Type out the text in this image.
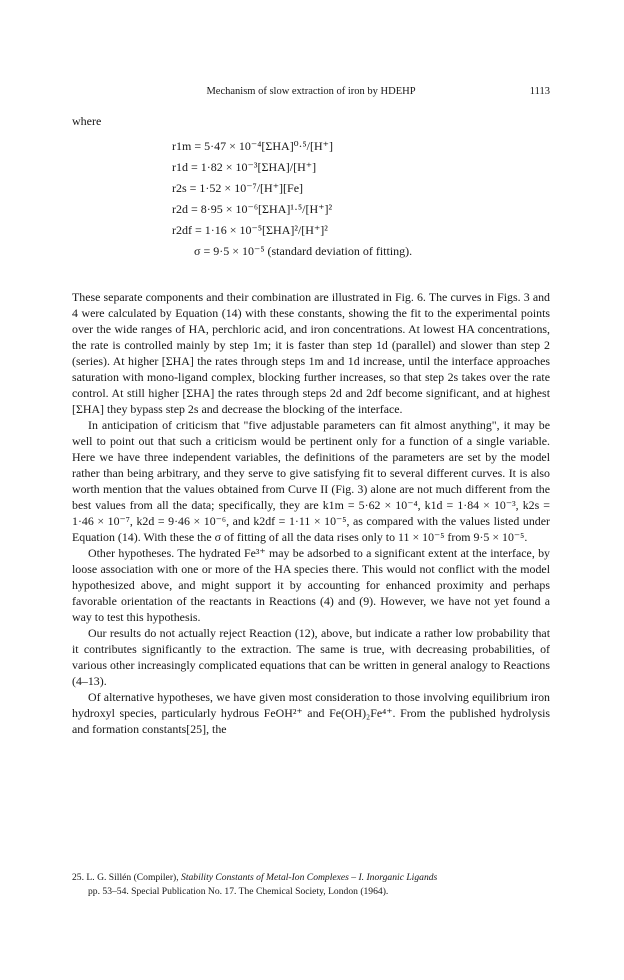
Mechanism of slow extraction of iron by HDEHP	1113
where
r1m = 5·47 × 10⁻⁴[ΣHA]⁰·⁵/[H⁺]
r1d = 1·82 × 10⁻³[ΣHA]/[H⁺]
r2s = 1·52 × 10⁻⁷/[H⁺][Fe]
r2d = 8·95 × 10⁻⁶[ΣHA]¹·⁵/[H⁺]²
r2df = 1·16 × 10⁻⁵[ΣHA]²/[H⁺]²
σ = 9·5 × 10⁻⁵ (standard deviation of fitting).

These separate components and their combination are illustrated in Fig. 6. The curves in Figs. 3 and 4 were calculated by Equation (14) with these constants, showing the fit to the experimental points over the wide ranges of HA, perchloric acid, and iron concentrations. At lowest HA concentrations, the rate is controlled mainly by step 1m; it is faster than step 1d (parallel) and slower than step 2 (series). At higher [ΣHA] the rates through steps 1m and 1d increase, until the interface approaches saturation with mono-ligand complex, blocking further increases, so that step 2s takes over the rate control. At still higher [ΣHA] the rates through steps 2d and 2df become significant, and at highest [ΣHA] they bypass step 2s and decrease the blocking of the interface.

In anticipation of criticism that "five adjustable parameters can fit almost anything", it may be well to point out that such a criticism would be pertinent only for a function of a single variable. Here we have three independent variables, the definitions of the parameters are set by the model rather than being arbitrary, and they serve to give satisfying fit to several different curves. It is also worth mention that the values obtained from Curve II (Fig. 3) alone are not much different from the best values from all the data; specifically, they are k1m = 5·62 × 10⁻⁴, k1d = 1·84 × 10⁻³, k2s = 1·46 × 10⁻⁷, k2d = 9·46 × 10⁻⁶, and k2df = 1·11 × 10⁻⁵, as compared with the values listed under Equation (14). With these the σ of fitting of all the data rises only to 11 × 10⁻⁵ from 9·5 × 10⁻⁵.

Other hypotheses. The hydrated Fe³⁺ may be adsorbed to a significant extent at the interface, by loose association with one or more of the HA species there. This would not conflict with the model hypothesized above, and might support it by accounting for enhanced proximity and perhaps favorable orientation of the reactants in Reactions (4) and (9). However, we have not yet found a way to test this hypothesis.

Our results do not actually reject Reaction (12), above, but indicate a rather low probability that it contributes significantly to the extraction. The same is true, with decreasing probabilities, of various other increasingly complicated equations that can be written in general analogy to Reactions (4–13).

Of alternative hypotheses, we have given most consideration to those involving equilibrium iron hydroxyl species, particularly hydrous FeOH²⁺ and Fe(OH)₂Fe⁴⁺. From the published hydrolysis and formation constants[25], the

25. L. G. Sillén (Compiler), Stability Constants of Metal-Ion Complexes – I. Inorganic Ligands
pp. 53–54. Special Publication No. 17. The Chemical Society, London (1964).
